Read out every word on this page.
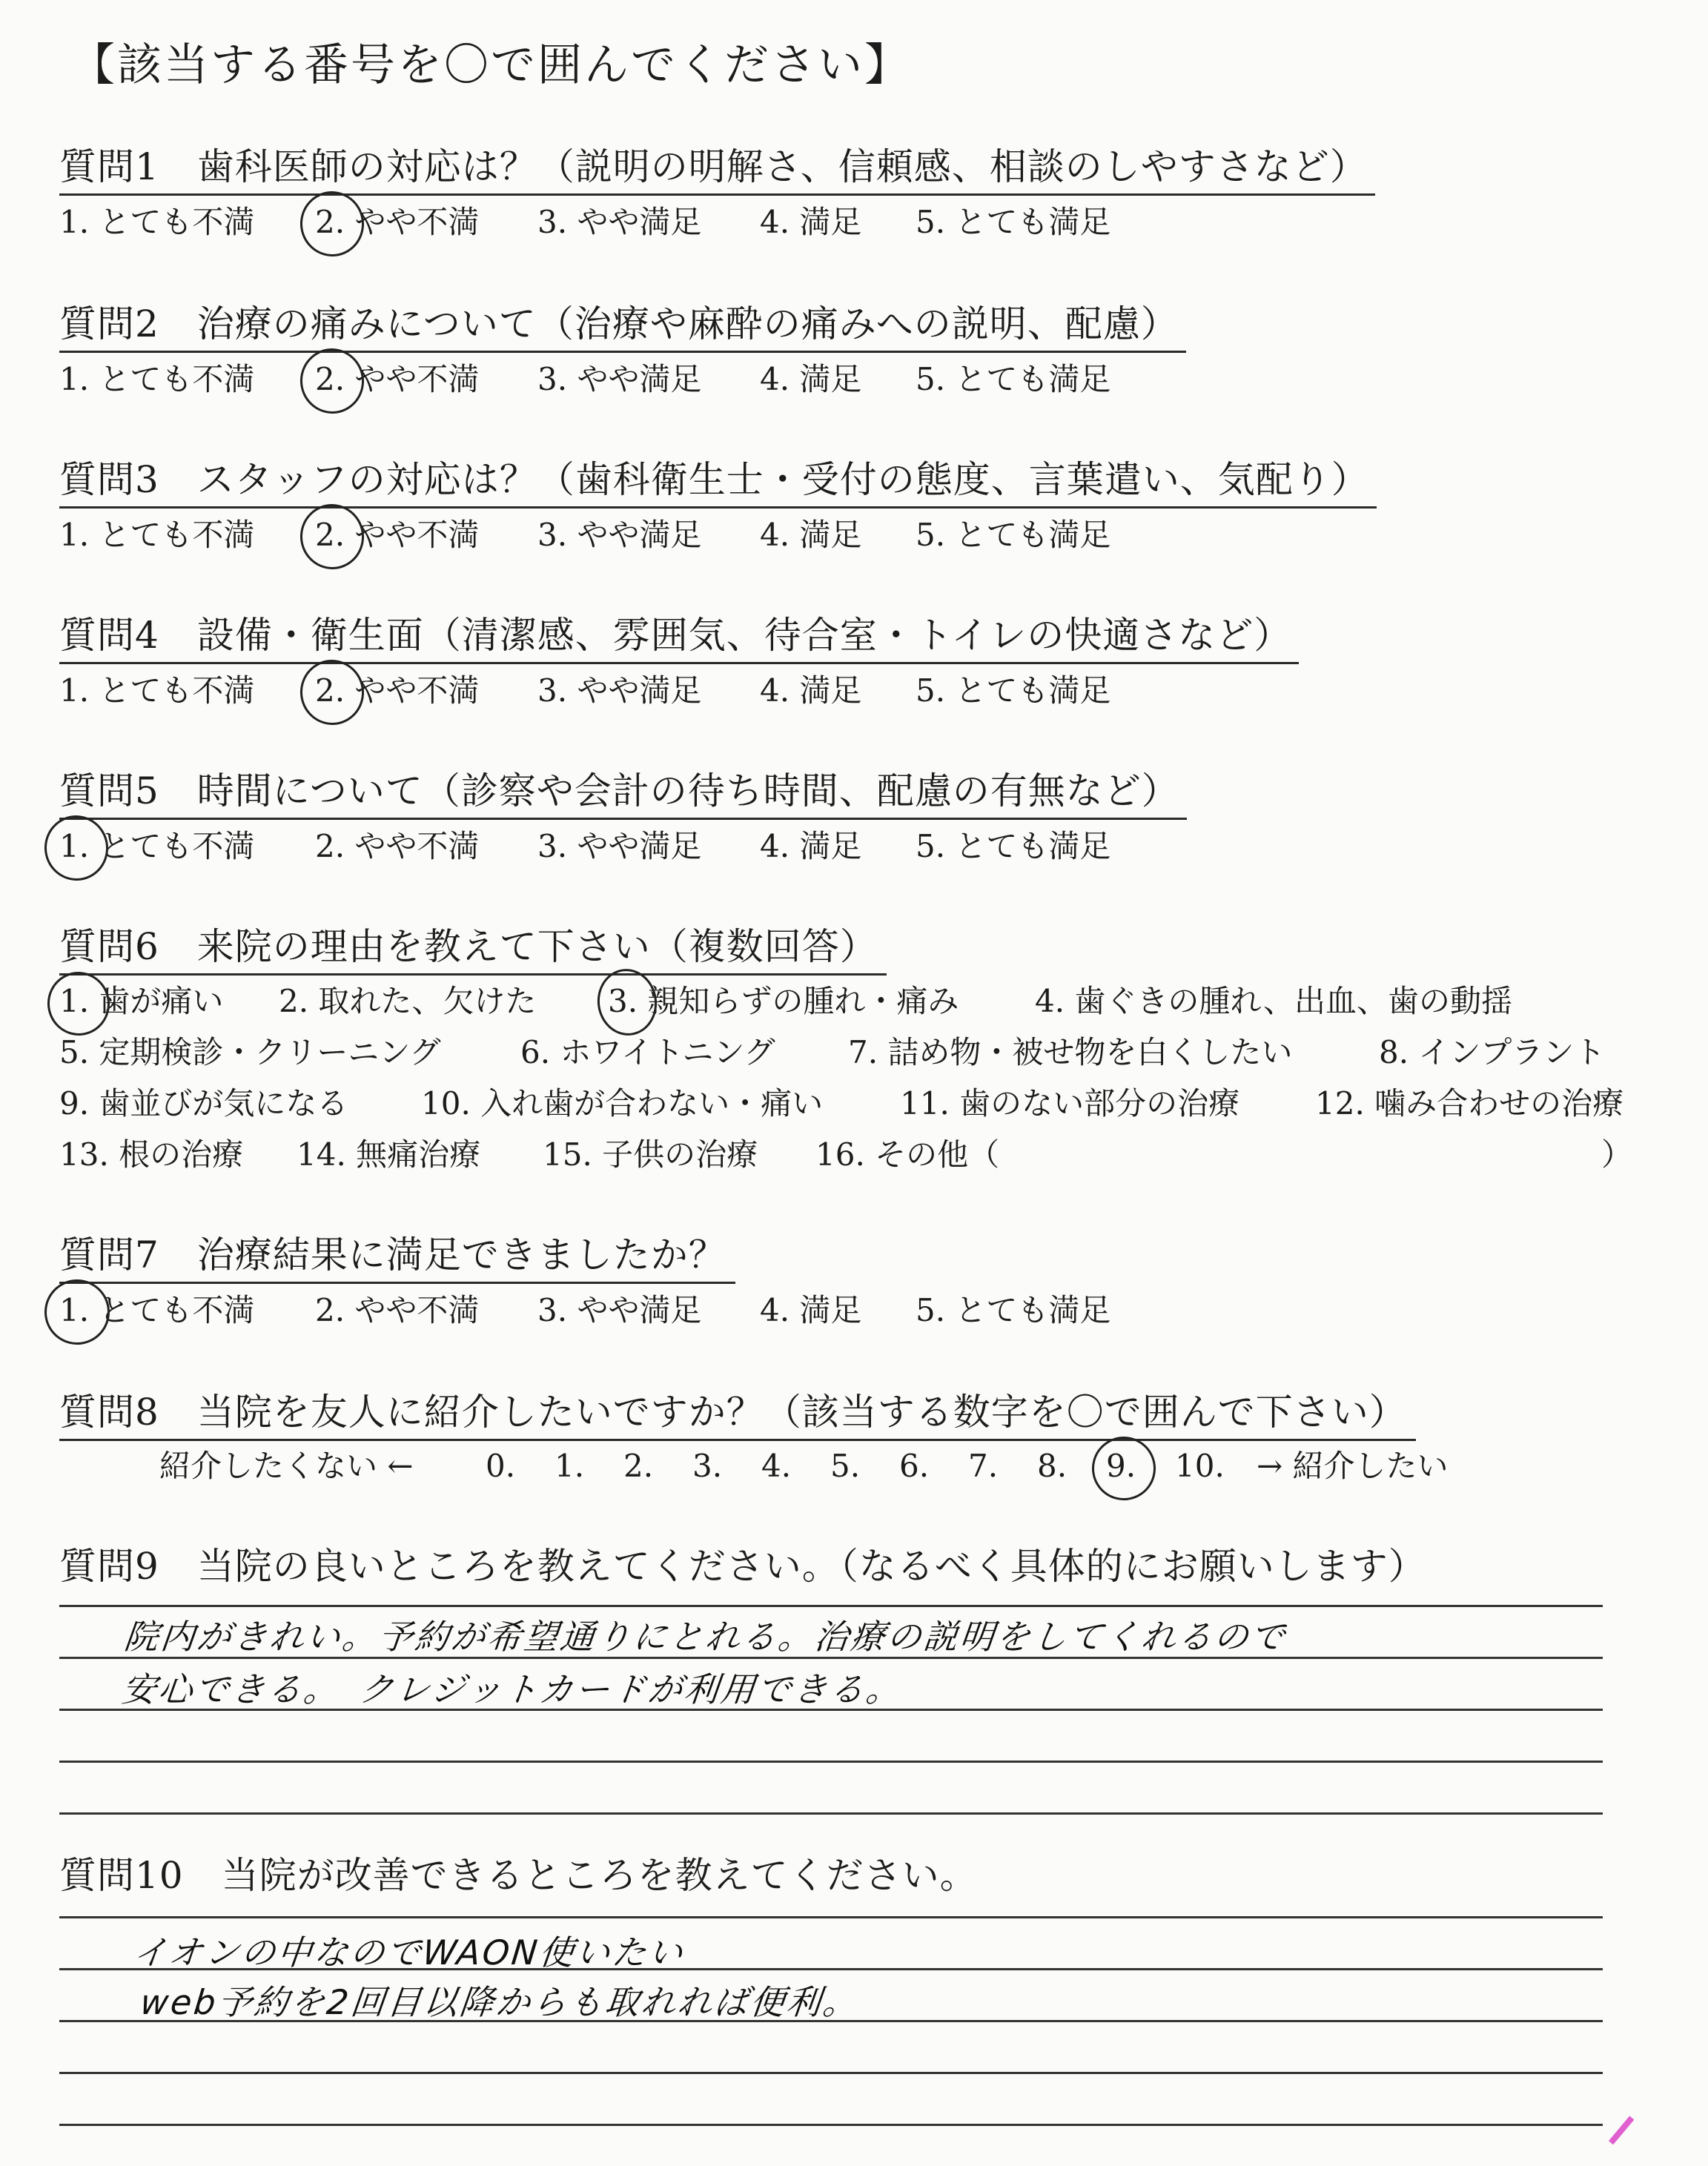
【該当する番号を〇で囲んでください】
質問1　歯科医師の対応は？（説明の明解さ、信頼感、相談のしやすさなど）
1. とても不満 2. やや不満 3. やや満足 4. 満足 5. とても満足
質問2　治療の痛みについて（治療や麻酔の痛みへの説明、配慮）
1. とても不満 2. やや不満 3. やや満足 4. 満足 5. とても満足
質問3　スタッフの対応は？（歯科衛生士・受付の態度、言葉遣い、気配り）
1. とても不満 2. やや不満 3. やや満足 4. 満足 5. とても満足
質問4　設備・衛生面（清潔感、雰囲気、待合室・トイレの快適さなど）
1. とても不満 2. やや不満 3. やや満足 4. 満足 5. とても満足
質問5　時間について（診察や会計の待ち時間、配慮の有無など）
1. とても不満 2. やや不満 3. やや満足 4. 満足 5. とても満足
質問6　来院の理由を教えて下さい（複数回答）
1. 歯が痛い 2. 取れた、欠けた 3. 親知らずの腫れ・痛み 4. 歯ぐきの腫れ、出血、歯の動揺
5. 定期検診・クリーニング	6. ホワイトニング 7. 詰め物・被せ物を白くしたい	8. インプラント
9. 歯並びが気になる 10. 入れ歯が合わない・痛い 11. 歯のない部分の治療 12. 噛み合わせの治療
13. 根の治療 14. 無痛治療 15. 子供の治療 16. その他（	）
質問7　治療結果に満足できましたか？
1. とても不満 2. やや不満 3. やや満足 4. 満足 5. とても満足
質問8　当院を友人に紹介したいですか？（該当する数字を〇で囲んで下さい）
紹介したくない ← 0. 1. 2. 3. 4. 5. 6. 7. 8. 9. 10. → 紹介したい
質問9　当院の良いところを教えてください。（なるべく具体的にお願いします）
院内がきれい。予約が希望通りにとれる。治療の説明をしてくれるので
安心できる。　クレジットカードが利用できる。
質問10　当院が改善できるところを教えてください。
イオンの中なのでWAON使いたい
web予約を2回目以降からも取れれば便利。
